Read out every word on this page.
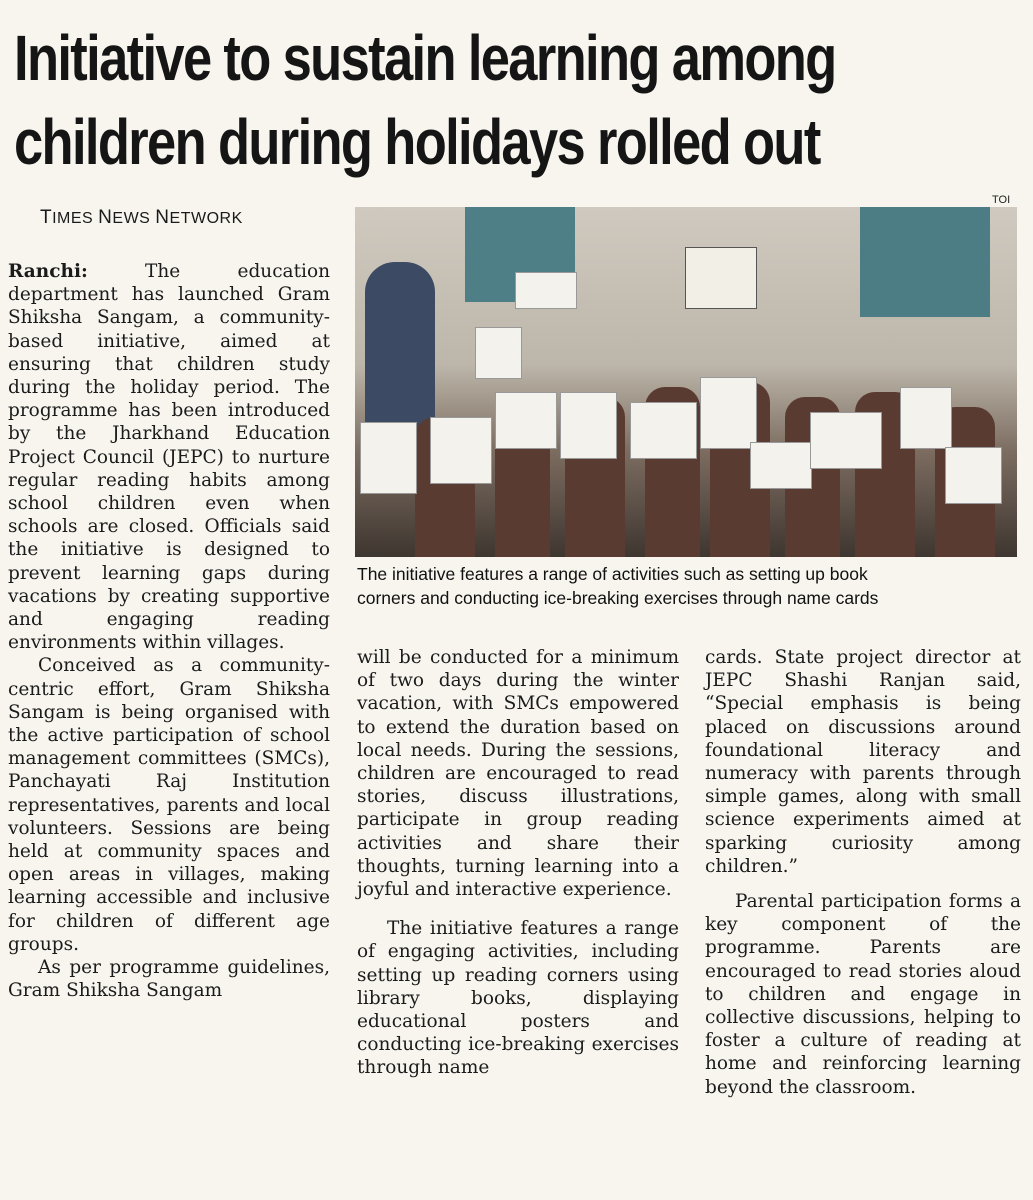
Initiative to sustain learning among
children during holidays rolled out
TIMES NEWS NETWORK
TOI
The initiative features a range of activities such as setting up book
corners and conducting ice-breaking exercises through name cards

Ranchi: The education department has launched Gram Shiksha Sangam, a community-based initiative, aimed at ensuring that children study during the holiday period. The programme has been introduced by the Jharkhand Education Project Council (JEPC) to nurture regular reading habits among school children even when schools are closed. Officials said the initiative is designed to prevent learning gaps during vacations by creating supportive and engaging reading environments within villages.

Conceived as a community-centric effort, Gram Shiksha Sangam is being organised with the active participation of school management committees (SMCs), Panchayati Raj Institution representatives, parents and local volunteers. Sessions are being held at community spaces and open areas in villages, making learning accessible and inclusive for children of different age groups.

As per programme guidelines, Gram Shiksha Sangam

will be conducted for a minimum of two days during the winter vacation, with SMCs empowered to extend the duration based on local needs. During the sessions, children are encouraged to read stories, discuss illustrations, participate in group reading activities and share their thoughts, turning learning into a joyful and interactive experience.

The initiative features a range of engaging activities, including setting up reading corners using library books, displaying educational posters and conducting ice-breaking exercises through name

cards. State project director at JEPC Shashi Ranjan said, “Special emphasis is being placed on discussions around foundational literacy and numeracy with parents through simple games, along with small science experiments aimed at sparking curiosity among children.”

Parental participation forms a key component of the programme. Parents are encouraged to read stories aloud to children and engage in collective discussions, helping to foster a culture of reading at home and reinforcing learning beyond the classroom.
